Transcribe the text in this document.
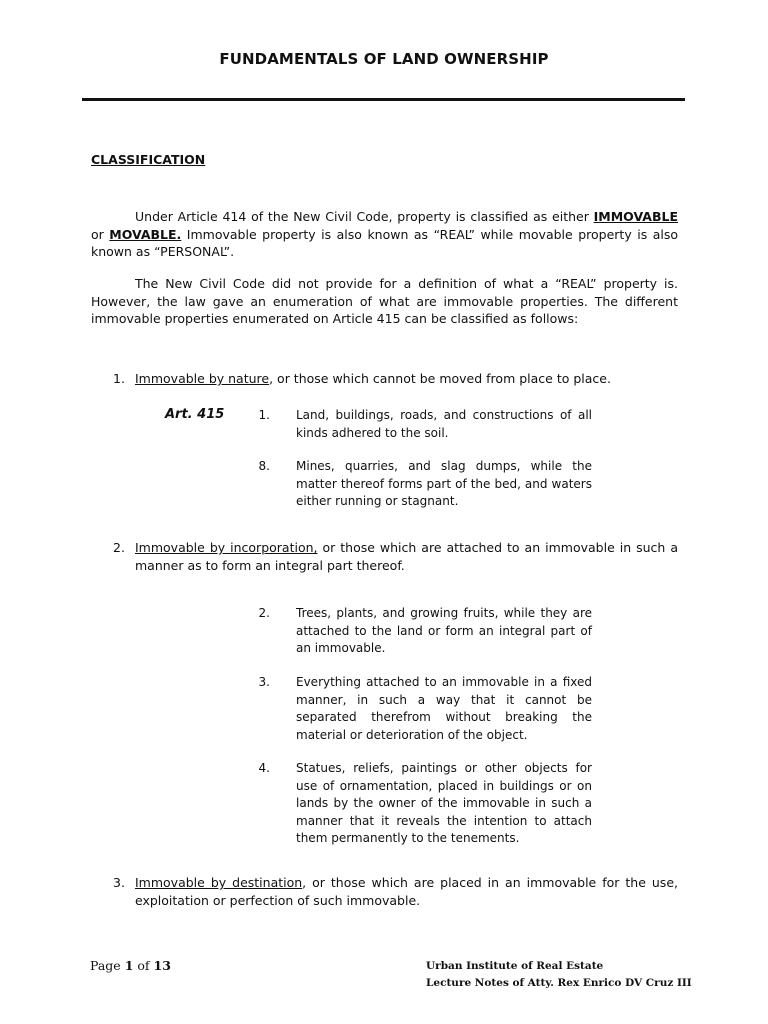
FUNDAMENTALS OF LAND OWNERSHIP
CLASSIFICATION

Under Article 414 of the New Civil Code, property is classified as either IMMOVABLE or MOVABLE. Immovable property is also known as “REAL” while movable property is also known as “PERSONAL”.

The New Civil Code did not provide for a definition of what a “REAL” property is. However, the law gave an enumeration of what are immovable properties. The different immovable properties enumerated on Article 415 can be classified as follows:

1. Immovable by nature, or those which cannot be moved from place to place.
Art. 415	1. Land, buildings, roads, and constructions of all kinds adhered to the soil.
8. Mines, quarries, and slag dumps, while the matter thereof forms part of the bed, and waters either running or stagnant.
2. Immovable by incorporation, or those which are attached to an immovable in such a manner as to form an integral part thereof.
2. Trees, plants, and growing fruits, while they are attached to the land or form an integral part of an immovable.
3. Everything attached to an immovable in a fixed manner, in such a way that it cannot be separated therefrom without breaking the material or deterioration of the object.
4. Statues, reliefs, paintings or other objects for use of ornamentation, placed in buildings or on lands by the owner of the immovable in such a manner that it reveals the intention to attach them permanently to the tenements.
3. Immovable by destination, or those which are placed in an immovable for the use, exploitation or perfection of such immovable.
Page 1 of 13	Urban Institute of Real Estate
Lecture Notes of Atty. Rex Enrico DV Cruz III
